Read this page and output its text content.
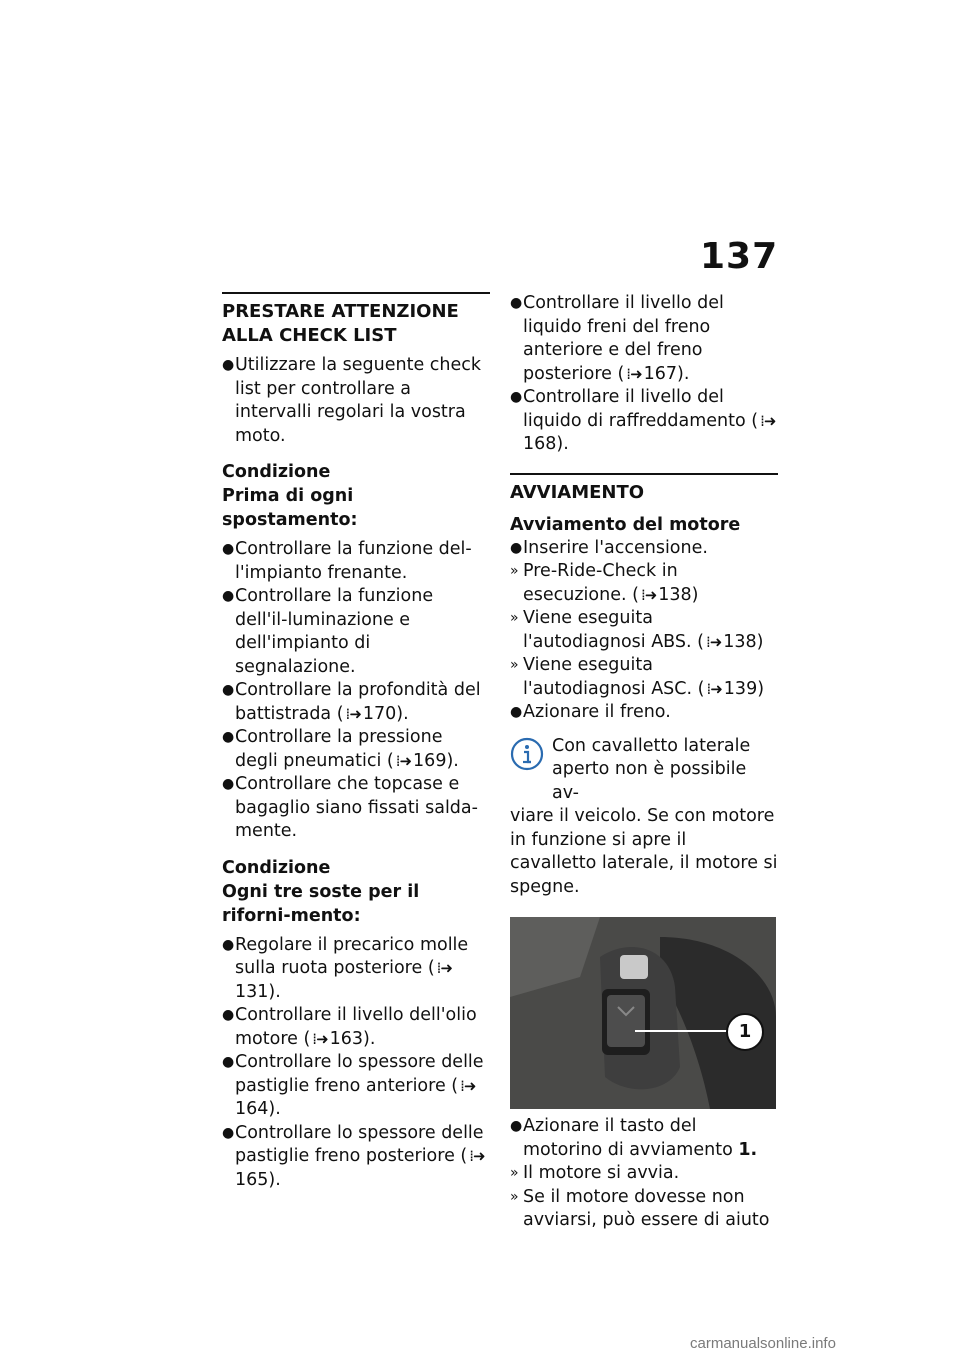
137
PRESTARE ATTENZIONE ALLA CHECK LIST
● Utilizzare la seguente check list per controllare a intervalli regolari la vostra moto.
Condizione
Prima di ogni spostamento:
● Controllare la funzione del-l'impianto frenante.
● Controllare la funzione dell'il-luminazione e dell'impianto di segnalazione.
● Controllare la profondità del battistrada ( ⁞➜ 170).
● Controllare la pressione degli pneumatici ( ⁞➜ 169).
● Controllare che topcase e bagaglio siano fissati salda-mente.
Condizione
Ogni tre soste per il riforni-mento:
● Regolare il precarico molle sulla ruota posteriore ( ⁞➜131).
● Controllare il livello dell'olio motore ( ⁞➜ 163).
● Controllare lo spessore delle pastiglie freno anteriore ( ⁞➜164).
● Controllare lo spessore delle pastiglie freno posteriore ( ⁞➜165).
● Controllare il livello del liquido freni del freno anteriore e del freno posteriore ( ⁞➜ 167).
● Controllare il livello del liquido di raffreddamento ( ⁞➜168).
AVVIAMENTO
Avviamento del motore
● Inserire l'accensione.
» Pre-Ride-Check in esecuzione. ( ⁞➜ 138)
» Viene eseguita l'autodiagnosi ABS. ( ⁞➜ 138)
» Viene eseguita l'autodiagnosi ASC. ( ⁞➜ 139)
● Azionare il freno.
Con cavalletto laterale aperto non è possibile av-
viare il veicolo. Se con motore in funzione si apre il cavalletto laterale, il motore si spegne.
1
● Azionare il tasto del motorino di avviamento 1.
» Il motore si avvia.
» Se il motore dovesse non avviarsi, può essere di aiuto
carmanualsonline.info
